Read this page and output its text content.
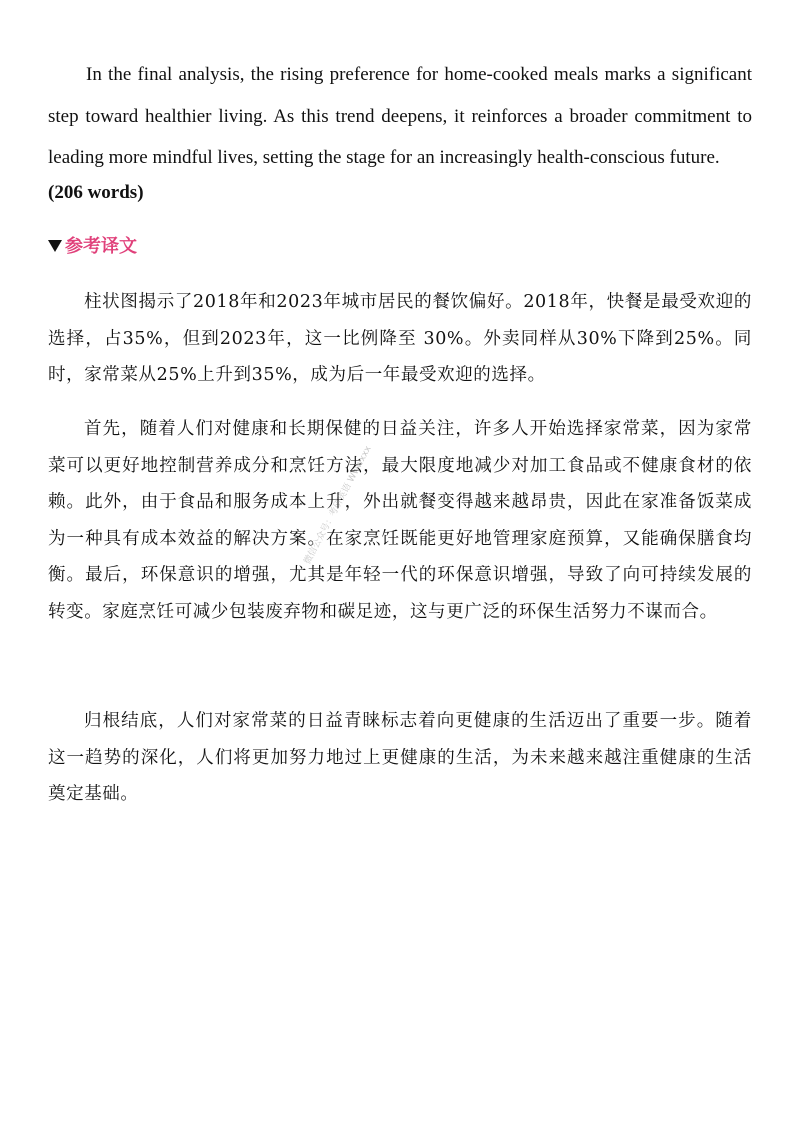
In the final analysis, the rising preference for home-cooked meals marks a significant step toward healthier living. As this trend deepens, it reinforces a broader commitment to leading more mindful lives, setting the stage for an increasingly health-conscious future.

(206 words)
参考译文

柱状图揭示了2018年和2023年城市居民的餐饮偏好。2018年，快餐是最受欢迎的选择，占35%，但到2023年，这一比例降至 30%。外卖同样从30%下降到25%。同时，家常菜从25%上升到35%，成为后一年最受欢迎的选择。

首先，随着人们对健康和长期保健的日益关注，许多人开始选择家常菜，因为家常菜可以更好地控制营养成分和烹饪方法，最大限度地减少对加工食品或不健康食材的依赖。此外，由于食品和服务成本上升，外出就餐变得越来越昂贵，因此在家准备饭菜成为一种具有成本效益的解决方案。在家烹饪既能更好地管理家庭预算，又能确保膳食均衡。最后，环保意识的增强，尤其是年轻一代的环保意识增强，导致了向可持续发展的转变。家庭烹饪可减少包装废弃物和碳足迹，这与更广泛的环保生活努力不谋而合。

归根结底，人们对家常菜的日益青睐标志着向更健康的生活迈出了重要一步。随着这一趋势的深化，人们将更加努力地过上更健康的生活，为未来越来越注重健康的生活奠定基础。

微信公众号：考研英语 Wwwxxx
